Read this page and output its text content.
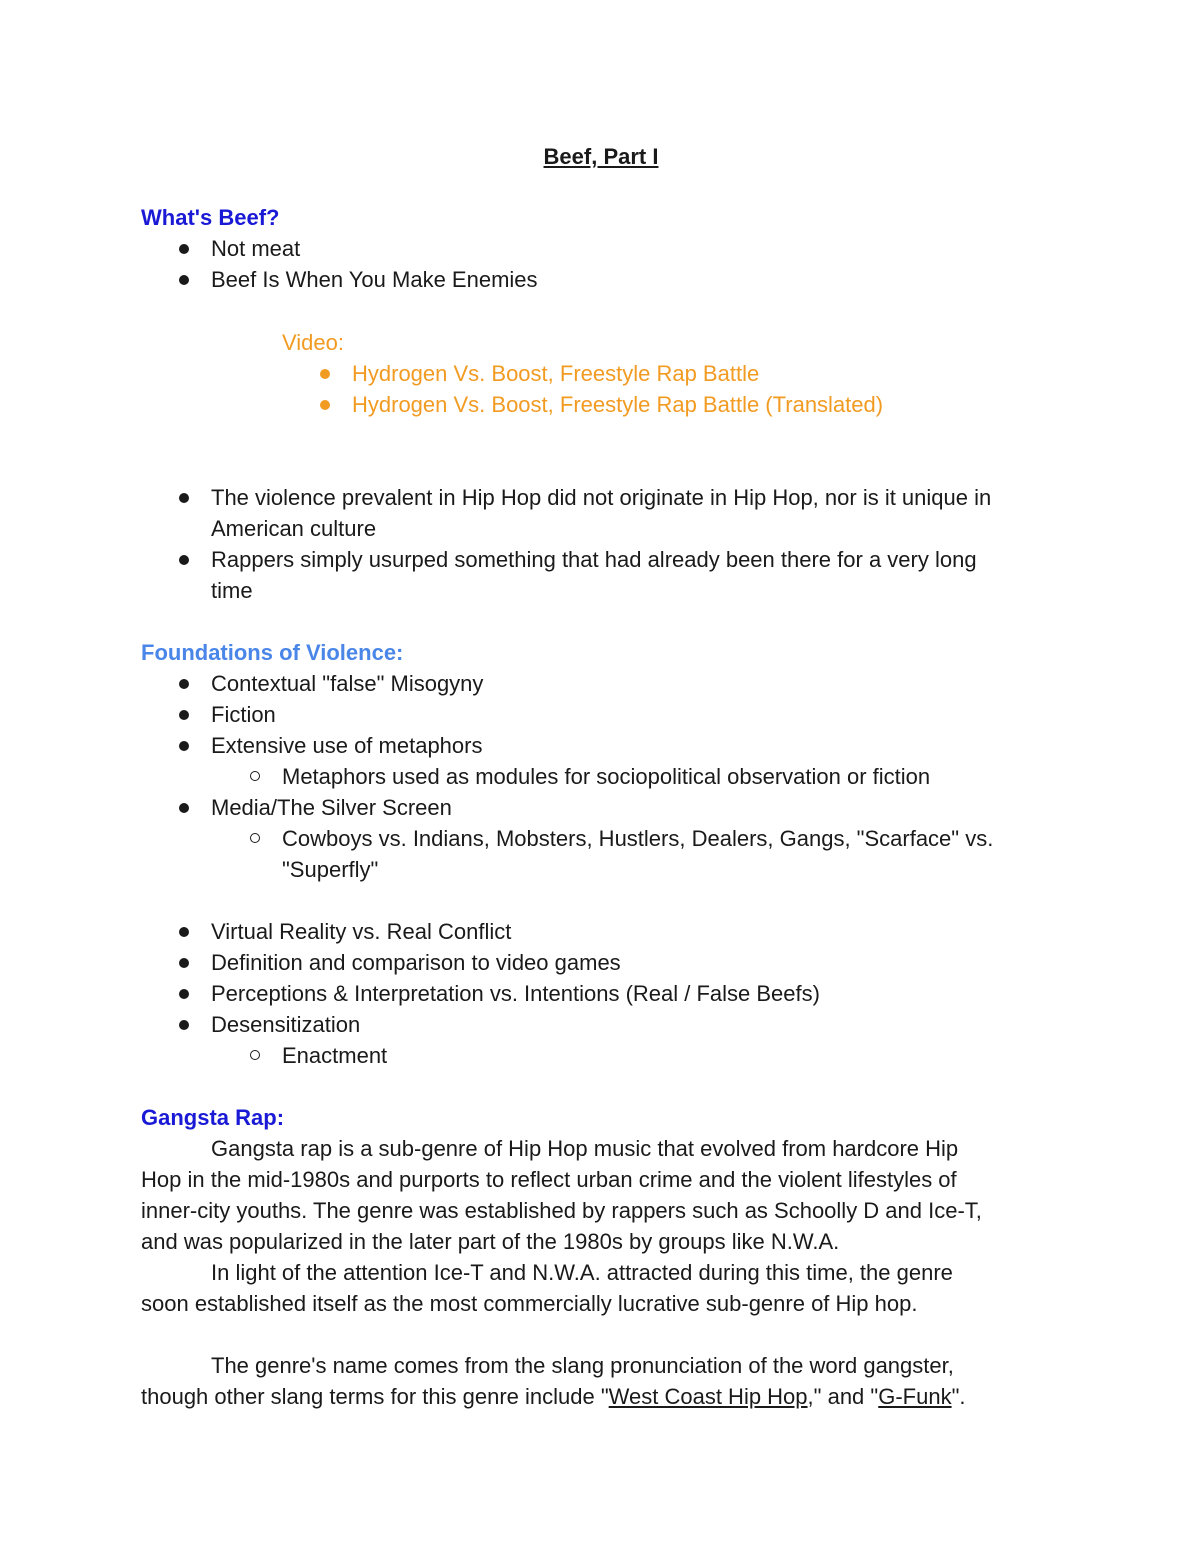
Beef, Part I
What's Beef?
Not meat
Beef Is When You Make Enemies
Video:
Hydrogen Vs. Boost, Freestyle Rap Battle
Hydrogen Vs. Boost, Freestyle Rap Battle (Translated)
The violence prevalent in Hip Hop did not originate in Hip Hop, nor is it unique in
American culture
Rappers simply usurped something that had already been there for a very long
time
Foundations of Violence:
Contextual "false" Misogyny
Fiction
Extensive use of metaphors
Metaphors used as modules for sociopolitical observation or fiction
Media/The Silver Screen
Cowboys vs. Indians, Mobsters, Hustlers, Dealers, Gangs, "Scarface" vs.
"Superfly"
Virtual Reality vs. Real Conflict
Definition and comparison to video games
Perceptions & Interpretation vs. Intentions (Real / False Beefs)
Desensitization
Enactment
Gangsta Rap:
Gangsta rap is a sub-genre of Hip Hop music that evolved from hardcore Hip
Hop in the mid-1980s and purports to reflect urban crime and the violent lifestyles of
inner-city youths. The genre was established by rappers such as Schoolly D and Ice-T,
and was popularized in the later part of the 1980s by groups like N.W.A.
In light of the attention Ice-T and N.W.A. attracted during this time, the genre
soon established itself as the most commercially lucrative sub-genre of Hip hop.
The genre's name comes from the slang pronunciation of the word gangster,
though other slang terms for this genre include "West Coast Hip Hop," and "G-Funk".
